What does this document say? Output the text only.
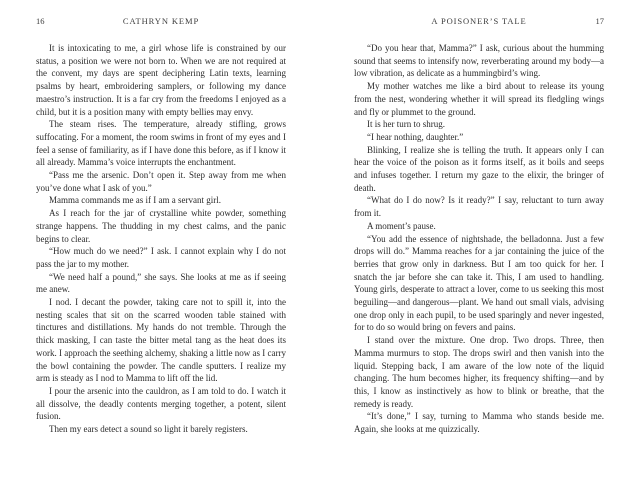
16	CATHRYN KEMP

It is intoxicating to me, a girl whose life is constrained by our status, a position we were not born to. When we are not required at the convent, my days are spent deciphering Latin texts, learning psalms by heart, embroidering samplers, or following my dance maestro’s instruction. It is a far cry from the freedoms I enjoyed as a child, but it is a position many with empty bellies may envy.

The steam rises. The temperature, already stifling, grows suffocating. For a moment, the room swims in front of my eyes and I feel a sense of familiarity, as if I have done this before, as if I know it all already. Mamma’s voice interrupts the enchantment.

“Pass me the arsenic. Don’t open it. Step away from me when you’ve done what I ask of you.”

Mamma commands me as if I am a servant girl.

As I reach for the jar of crystalline white powder, something strange happens. The thudding in my chest calms, and the panic begins to clear.

“How much do we need?” I ask. I cannot explain why I do not pass the jar to my mother.

“We need half a pound,” she says. She looks at me as if seeing me anew.

I nod. I decant the powder, taking care not to spill it, into the nesting scales that sit on the scarred wooden table stained with tinctures and distillations. My hands do not tremble. Through the thick masking, I can taste the bitter metal tang as the heat does its work. I approach the seething alchemy, shaking a little now as I carry the bowl containing the powder. The candle sputters. I realize my arm is steady as I nod to Mamma to lift off the lid.

I pour the arsenic into the cauldron, as I am told to do. I watch it all dissolve, the deadly contents merging together, a potent, silent fusion.

Then my ears detect a sound so light it barely registers.

A POISONER’S TALE	17

“Do you hear that, Mamma?” I ask, curious about the humming sound that seems to intensify now, reverberating around my body—a low vibration, as delicate as a hummingbird’s wing.

My mother watches me like a bird about to release its young from the nest, wondering whether it will spread its fledgling wings and fly or plummet to the ground.

It is her turn to shrug.

“I hear nothing, daughter.”

Blinking, I realize she is telling the truth. It appears only I can hear the voice of the poison as it forms itself, as it boils and seeps and infuses together. I return my gaze to the elixir, the bringer of death.

“What do I do now? Is it ready?” I say, reluctant to turn away from it.

A moment’s pause.

“You add the essence of nightshade, the belladonna. Just a few drops will do.” Mamma reaches for a jar containing the juice of the berries that grow only in darkness. But I am too quick for her. I snatch the jar before she can take it. This, I am used to handling. Young girls, desperate to attract a lover, come to us seeking this most beguiling—and dangerous—plant. We hand out small vials, advising one drop only in each pupil, to be used sparingly and never ingested, for to do so would bring on fevers and pains.

I stand over the mixture. One drop. Two drops. Three, then Mamma murmurs to stop. The drops swirl and then vanish into the liquid. Stepping back, I am aware of the low note of the liquid changing. The hum becomes higher, its frequency shifting—and by this, I know as instinctively as how to blink or breathe, that the remedy is ready.

“It’s done,” I say, turning to Mamma who stands beside me. Again, she looks at me quizzically.
